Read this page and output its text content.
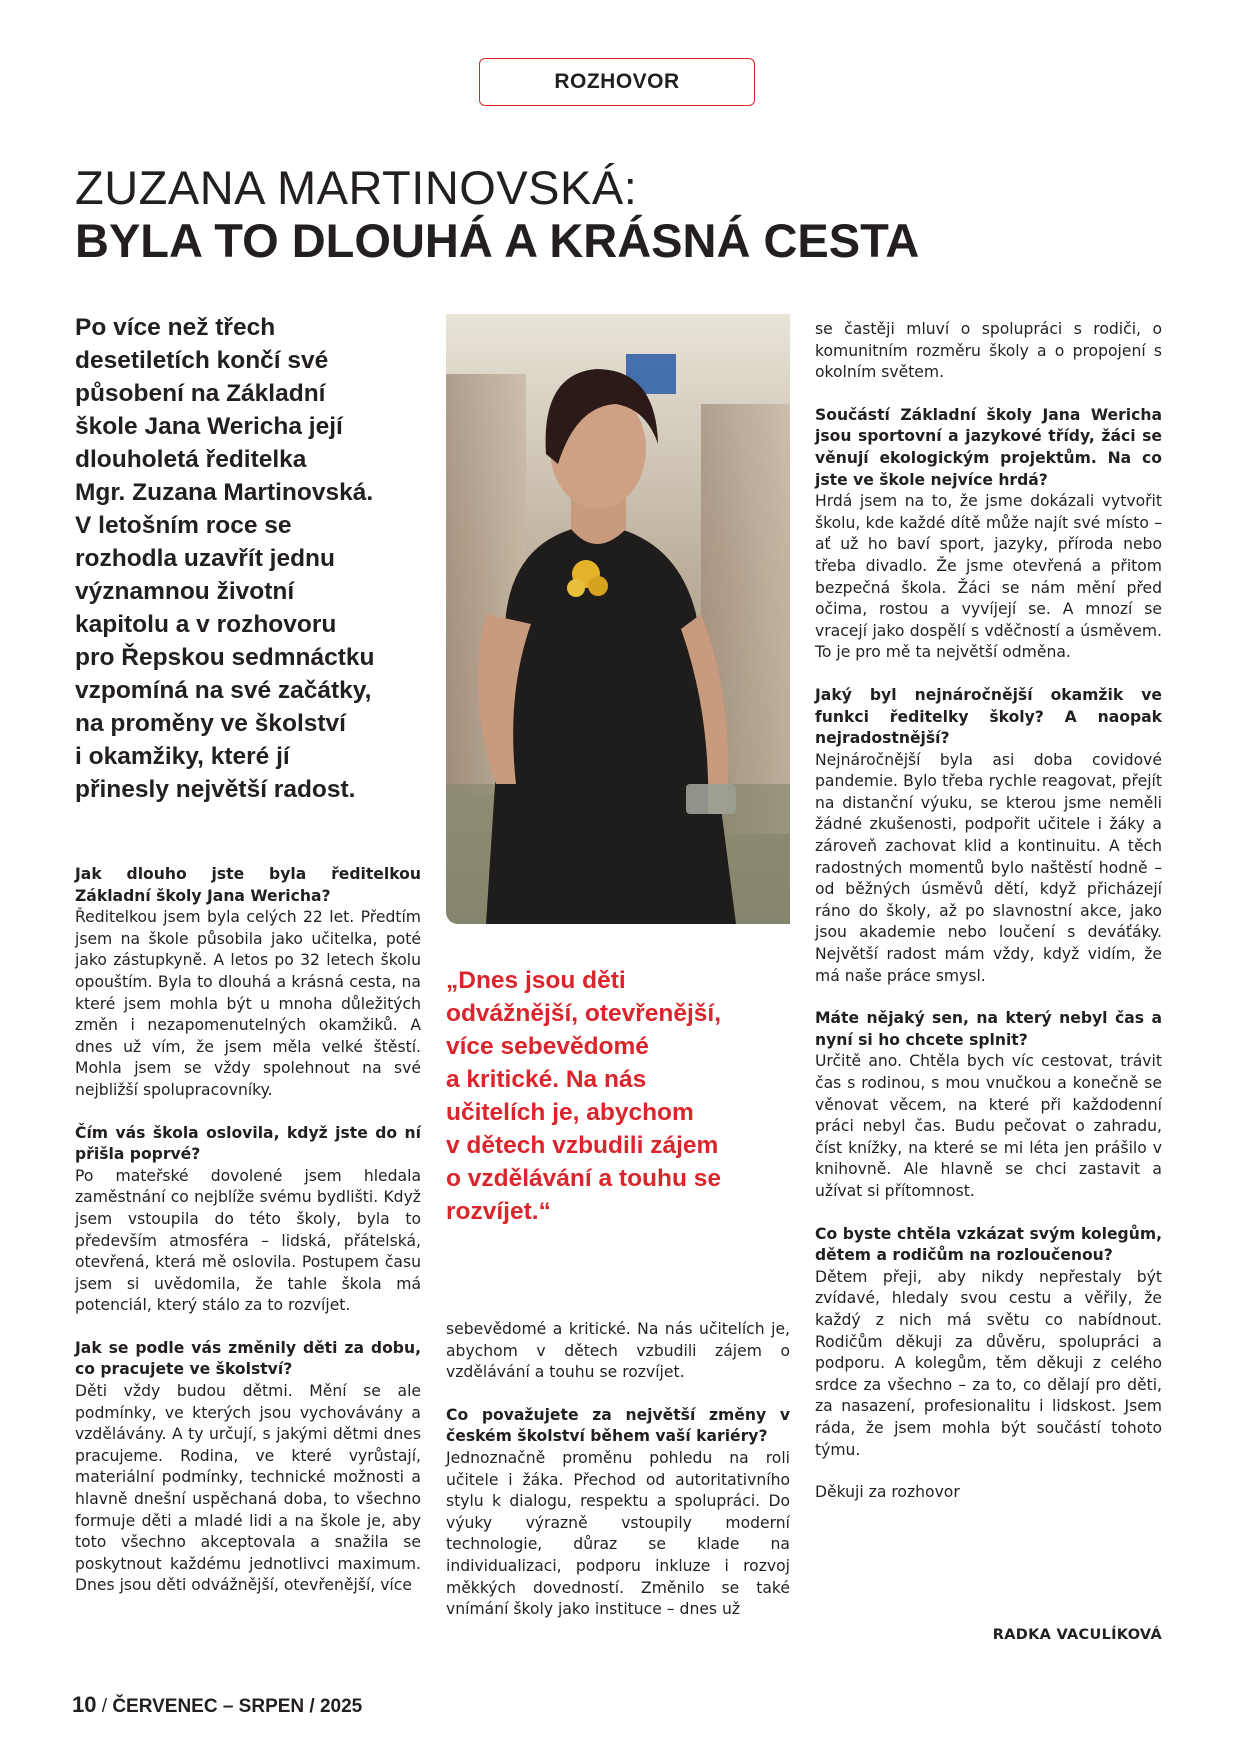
ROZHOVOR
ZUZANA MARTINOVSKÁ:
BYLA TO DLOUHÁ A KRÁSNÁ CESTA
Po více než třech
desetiletích končí své
působení na Základní
škole Jana Wericha její
dlouholetá ředitelka
Mgr. Zuzana Martinovská.
V letošním roce se
rozhodla uzavřít jednu
významnou životní
kapitolu a v rozhovoru
pro Řepskou sedmnáctku
vzpomíná na své začátky,
na proměny ve školství
i okamžiky, které jí
přinesly největší radost.
„Dnes jsou děti
odvážnější, otevřenější,
více sebevědomé
a kritické. Na nás
učitelích je, abychom
v dětech vzbudili zájem
o vzdělávání a touhu se
rozvíjet.“

Jak dlouho jste byla ředitelkou Základní školy Jana Wericha?

Ředitelkou jsem byla celých 22 let. Předtím jsem na škole působila jako učitelka, poté jako zástupkyně. A letos po 32 letech školu opouštím. Byla to dlouhá a krásná cesta, na které jsem mohla být u mnoha důležitých změn i nezapomenutelných okamžiků. A dnes už vím, že jsem měla velké štěstí. Mohla jsem se vždy spolehnout na své nejbližší spolupracovníky.

Čím vás škola oslovila, když jste do ní přišla poprvé?

Po mateřské dovolené jsem hledala zaměstnání co nejblíže svému bydlišti. Když jsem vstoupila do této školy, byla to především atmosféra – lidská, přátelská, otevřená, která mě oslovila. Postupem času jsem si uvědomila, že tahle škola má potenciál, který stálo za to rozvíjet.

Jak se podle vás změnily děti za dobu, co pracujete ve školství?

Děti vždy budou dětmi. Mění se ale podmínky, ve kterých jsou vychovávány a vzdělávány. A ty určují, s jakými dětmi dnes pracujeme. Rodina, ve které vyrůstají, materiální podmínky, technické možnosti a hlavně dnešní uspěchaná doba, to všechno formuje děti a mladé lidi a na škole je, aby toto všechno akceptovala a snažila se poskytnout každému jednotlivci maximum. Dnes jsou děti odvážnější, otevřenější, více

sebevědomé a kritické. Na nás učitelích je, abychom v dětech vzbudili zájem o vzdělávání a touhu se rozvíjet.

Co považujete za největší změny v českém školství během vaší kariéry?

Jednoznačně proměnu pohledu na roli učitele i žáka. Přechod od autoritativního stylu k dialogu, respektu a spolupráci. Do výuky výrazně vstoupily moderní technologie, důraz se klade na individualizaci, podporu inkluze i rozvoj měkkých dovedností. Změnilo se také vnímání školy jako instituce – dnes už

se častěji mluví o spolupráci s rodiči, o komunitním rozměru školy a o propojení s okolním světem.

Součástí Základní školy Jana Wericha jsou sportovní a jazykové třídy, žáci se věnují ekologickým projektům. Na co jste ve škole nejvíce hrdá?

Hrdá jsem na to, že jsme dokázali vytvořit školu, kde každé dítě může najít své místo – ať už ho baví sport, jazyky, příroda nebo třeba divadlo. Že jsme otevřená a přitom bezpečná škola. Žáci se nám mění před očima, rostou a vyvíjejí se. A mnozí se vracejí jako dospělí s vděčností a úsměvem. To je pro mě ta největší odměna.

Jaký byl nejnáročnější okamžik ve funkci ředitelky školy? A naopak nejradostnější?

Nejnáročnější byla asi doba covidové pandemie. Bylo třeba rychle reagovat, přejít na distanční výuku, se kterou jsme neměli žádné zkušenosti, podpořit učitele i žáky a zároveň zachovat klid a kontinuitu. A těch radostných momentů bylo naštěstí hodně – od běžných úsměvů dětí, když přicházejí ráno do školy, až po slavnostní akce, jako jsou akademie nebo loučení s deváťáky. Největší radost mám vždy, když vidím, že má naše práce smysl.

Máte nějaký sen, na který nebyl čas a nyní si ho chcete splnit?

Určitě ano. Chtěla bych víc cestovat, trávit čas s rodinou, s mou vnučkou a konečně se věnovat věcem, na které při každodenní práci nebyl čas. Budu pečovat o zahradu, číst knížky, na které se mi léta jen prášilo v knihovně. Ale hlavně se chci zastavit a užívat si přítomnost.

Co byste chtěla vzkázat svým kolegům, dětem a rodičům na rozloučenou?

Dětem přeji, aby nikdy nepřestaly být zvídavé, hledaly svou cestu a věřily, že každý z nich má světu co nabídnout. Rodičům děkuji za důvěru, spolupráci a podporu. A kolegům, těm děkuji z celého srdce za všechno – za to, co dělají pro děti, za nasazení, profesionalitu i lidskost. Jsem ráda, že jsem mohla být součástí tohoto týmu.

Děkuji za rozhovor

RADKA VACULÍKOVÁ
10 / ČERVENEC – SRPEN / 2025
